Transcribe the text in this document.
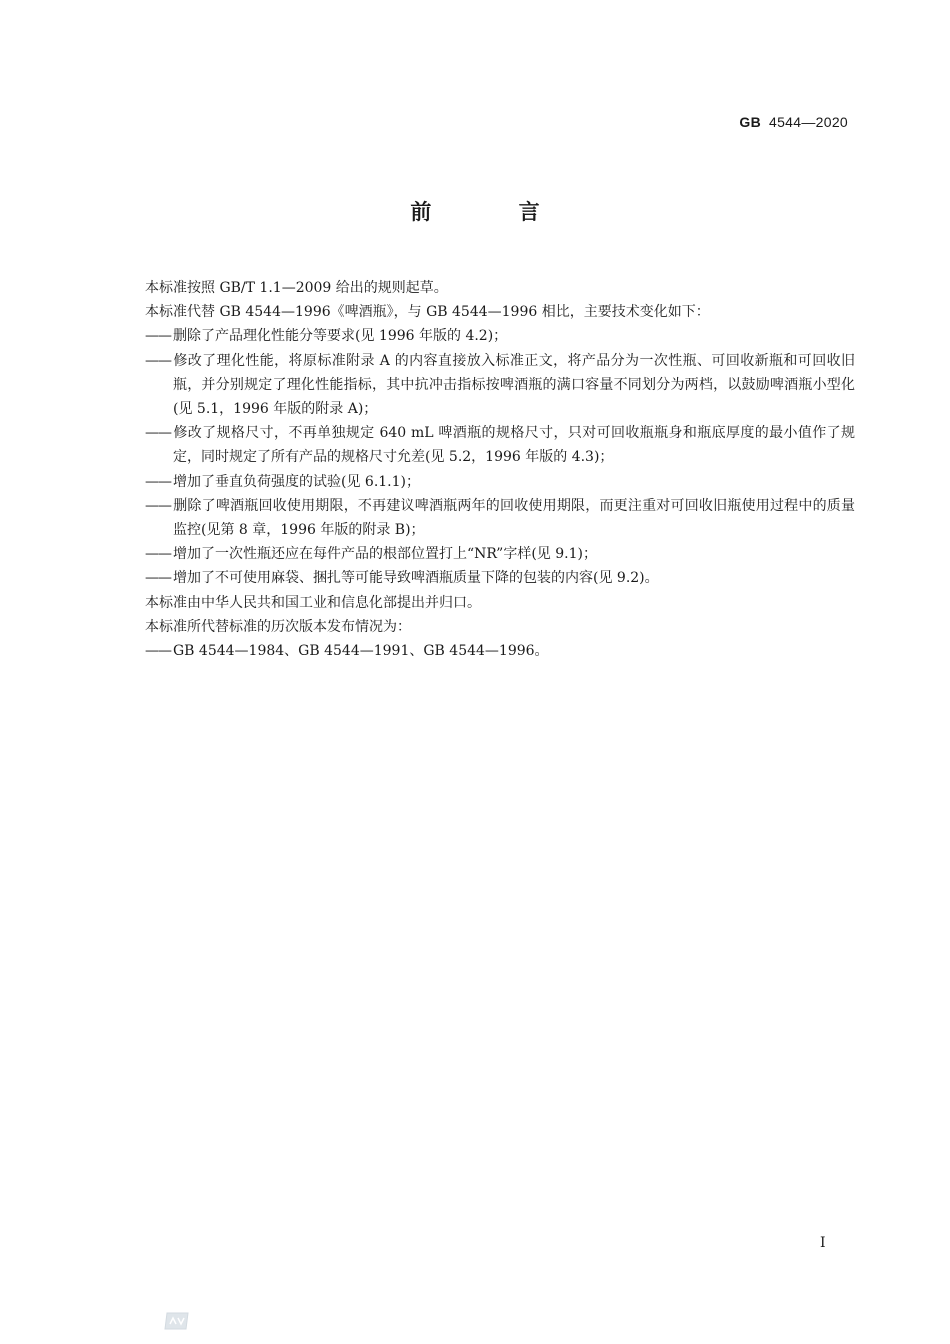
GB 4544—2020
前 言

本标准按照 GB/T 1.1—2009 给出的规则起草。

本标准代替 GB 4544—1996《啤酒瓶》，与 GB 4544—1996 相比，主要技术变化如下：

—— 删除了产品理化性能分等要求(见 1996 年版的 4.2)；

—— 修改了理化性能，将原标准附录 A 的内容直接放入标准正文，将产品分为一次性瓶、可回收新瓶和可回收旧瓶，并分别规定了理化性能指标，其中抗冲击指标按啤酒瓶的满口容量不同划分为两档，以鼓励啤酒瓶小型化(见 5.1，1996 年版的附录 A)；

—— 修改了规格尺寸，不再单独规定 640 mL 啤酒瓶的规格尺寸，只对可回收瓶瓶身和瓶底厚度的最小值作了规定，同时规定了所有产品的规格尺寸允差(见 5.2，1996 年版的 4.3)；

—— 增加了垂直负荷强度的试验(见 6.1.1)；

—— 删除了啤酒瓶回收使用期限，不再建议啤酒瓶两年的回收使用期限，而更注重对可回收旧瓶使用过程中的质量监控(见第 8 章，1996 年版的附录 B)；

—— 增加了一次性瓶还应在每件产品的根部位置打上“NR”字样(见 9.1)；

—— 增加了不可使用麻袋、捆扎等可能导致啤酒瓶质量下降的包装的内容(见 9.2)。

本标准由中华人民共和国工业和信息化部提出并归口。

本标准所代替标准的历次版本发布情况为：

—— GB 4544—1984、GB 4544—1991、GB 4544—1996。

I
